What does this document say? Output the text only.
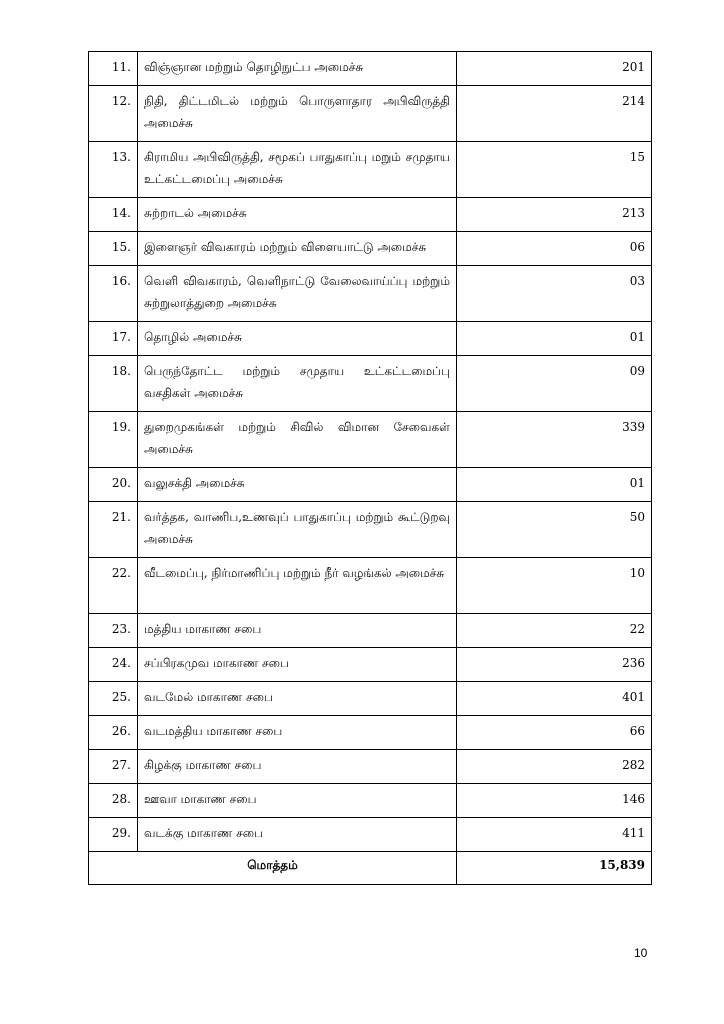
11.	விஞ்ஞான மற்றும் தொழிநுட்ப அமைச்சு	201
12.	நிதி, திட்டமிடல் மற்றும் பொருளாதார அபிவிருத்தி அமைச்சு	214
13.	கிராமிய அபிவிருத்தி, சமூகப் பாதுகாப்பு மறும் சமுதாய உட்கட்டமைப்பு அமைச்சு	15
14.	சுற்றாடல் அமைச்சு	213
15.	இளைஞர் விவகாரம் மற்றும் விளையாட்டு அமைச்சு	06
16.	வெளி விவகாரம், வெளிநாட்டு வேலைவாய்ப்பு மற்றும் சுற்றுலாத்துறை அமைச்சு	03
17.	தொழில் அமைச்சு	01
18.	பெருந்தோட்ட மற்றும் சமுதாய உட்கட்டமைப்பு வசதிகள் அமைச்சு	09
19.	துறைமுகங்கள் மற்றும் சிவில் விமான சேவைகள் அமைச்சு	339
20.	வலுசக்தி அமைச்சு	01
21.	வர்த்தக, வாணிப,உணவுப் பாதுகாப்பு மற்றும் கூட்டுறவு அமைச்சு	50
22.	வீடமைப்பு, நிர்மாணிப்பு மற்றும் நீர் வழங்கல் அமைச்சு	10
23.	மத்திய மாகாண சபை	22
24.	சப்பிரகமுவ மாகாண சபை	236
25.	வடமேல் மாகாண சபை	401
26.	வடமத்திய மாகாண சபை	66
27.	கிழக்கு மாகாண சபை	282
28.	ஊவா மாகாண சபை	146
29.	வடக்கு மாகாண சபை	411
மொத்தம்		15,839
10
